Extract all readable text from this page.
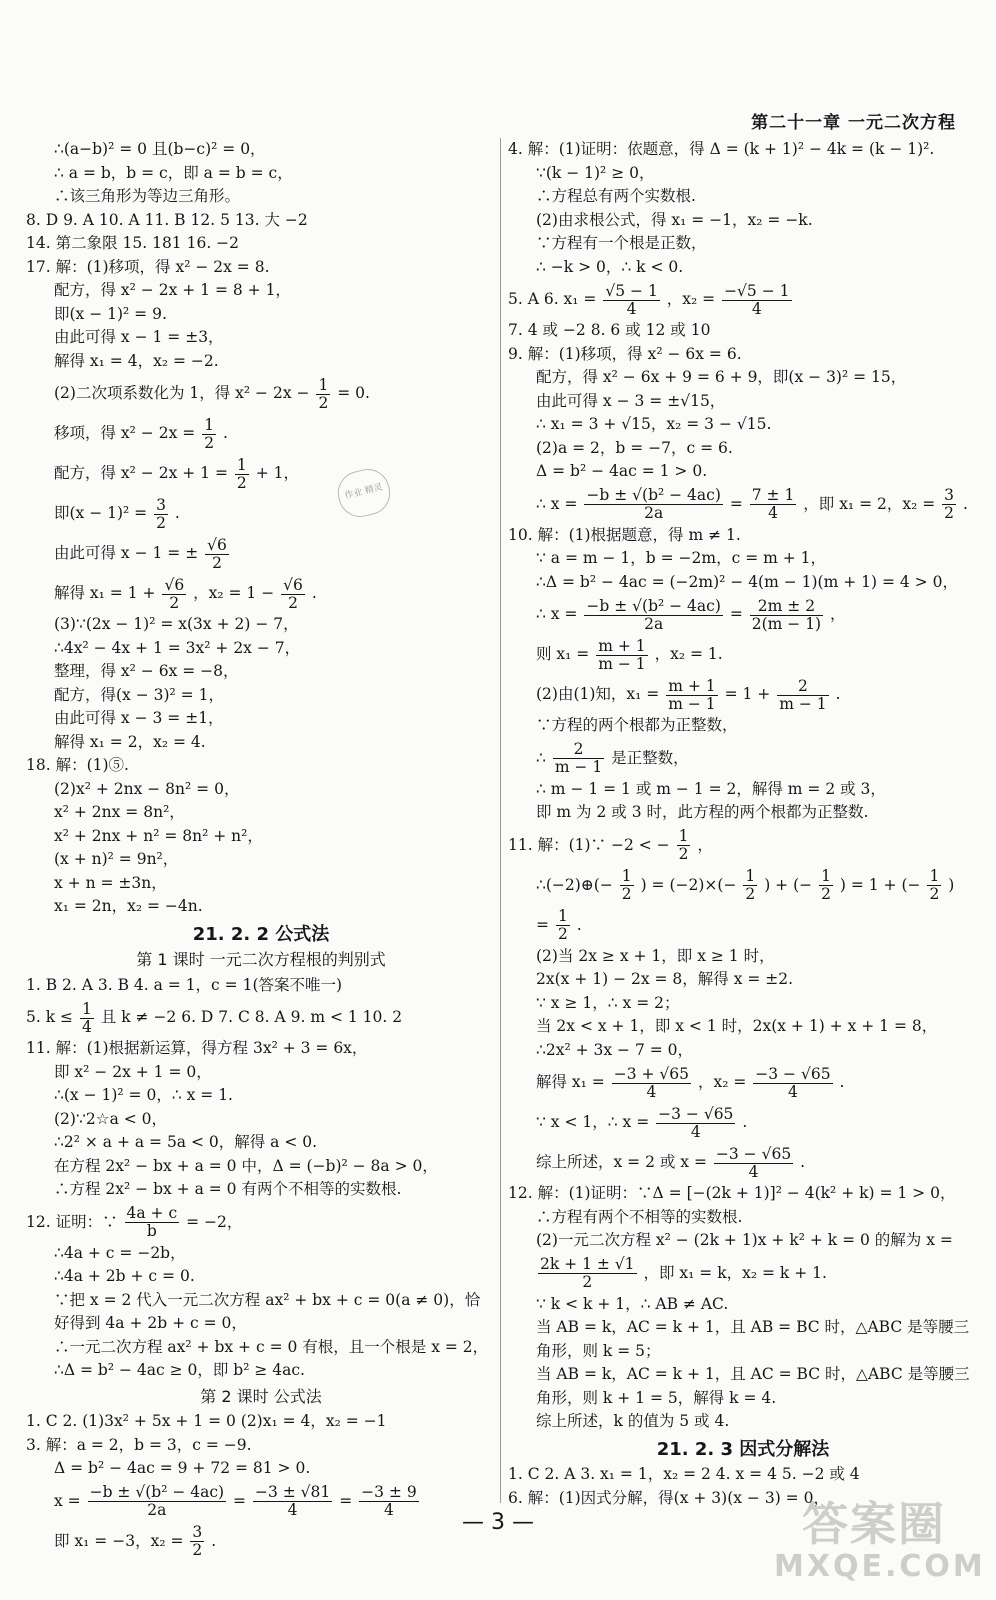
第二十一章 一元二次方程

作业 精灵
∴(a−b)² = 0 且(b−c)² = 0，
∴ a = b，b = c，即 a = b = c，
∴该三角形为等边三角形。
8. D 9. A 10. A 11. B 12. 5 13. 大 −2
14. 第二象限 15. 181 16. −2
17. 解：(1)移项，得 x² − 2x = 8.
配方，得 x² − 2x + 1 = 8 + 1，
即(x − 1)² = 9.
由此可得 x − 1 = ±3，
解得 x₁ = 4，x₂ = −2.
(2)二次项系数化为 1，得 $x^2 - 2x - \frac{1}{2} = 0$.
移项，得 $x^2 - 2x = \frac{1}{2}$ .
配方，得 $x^2 - 2x + 1 = \frac{1}{2} + 1$，
即$(x - 1)^2 = \frac{3}{2}$ .
由此可得 x − 1 = ± $\frac{√6}{2}$
解得 $x_1 = 1 + \frac{√6}{2}$ ，$x_2 = 1 - \frac{√6}{2}$ .
(3)∵(2x − 1)² = x(3x + 2) − 7，
∴4x² − 4x + 1 = 3x² + 2x − 7，
整理，得 x² − 6x = −8，
配方，得(x − 3)² = 1，
由此可得 x − 3 = ±1，
解得 x₁ = 2，x₂ = 4.
18. 解：(1)⑤.
(2)x² + 2nx − 8n² = 0，
x² + 2nx = 8n²，
x² + 2nx + n² = 8n² + n²，
(x + n)² = 9n²，
x + n = ±3n，
x₁ = 2n，x₂ = −4n.
21. 2. 2 公式法
第 1 课时 一元二次方程根的判别式
1. B 2. A 3. B 4. a = 1，c = 1(答案不唯一)
5. $k \le \frac{1}{4}$ 且 k ≠ −2 6. D 7. C 8. A 9. m < 1 10. 2
11. 解：(1)根据新运算，得方程 3x² + 3 = 6x，
即 x² − 2x + 1 = 0，
∴(x − 1)² = 0，∴ x = 1.
(2)∵2☆a < 0，
∴2² × a + a = 5a < 0，解得 a < 0.
在方程 2x² − bx + a = 0 中，Δ = (−b)² − 8a > 0，
∴方程 2x² − bx + a = 0 有两个不相等的实数根.
12. 证明：∵ $\frac{4a + c}{b} = -2$，
∴4a + c = −2b，
∴4a + 2b + c = 0.
∵把 x = 2 代入一元二次方程 ax² + bx + c = 0(a ≠ 0)，恰
好得到 4a + 2b + c = 0，
∴一元二次方程 ax² + bx + c = 0 有根，且一个根是 x = 2，
∴Δ = b² − 4ac ≥ 0，即 b² ≥ 4ac.
第 2 课时 公式法
1. C 2. (1)3x² + 5x + 1 = 0 (2)x₁ = 4，x₂ = −1
3. 解：a = 2，b = 3，c = −9.
Δ = b² − 4ac = 9 + 72 = 81 > 0.
$x = \frac{\text{−b ± √(b² − 4ac)}}{2a} = \frac{-3 \pm √81}{4} = \frac{-3 \pm 9}{4}$
即 x₁ = −3，$x_2 = \frac{3}{2}$ .
4. 解：(1)证明：依题意，得 Δ = (k + 1)² − 4k = (k − 1)².
∵(k − 1)² ≥ 0，
∴方程总有两个实数根.
(2)由求根公式，得 x₁ = −1，x₂ = −k.
∵方程有一个根是正数，
∴ −k > 0，∴ k < 0.
5. A 6. $x_1 = \frac{√5 - 1}{4}$ ，$x_2 = \frac{-√5 - 1}{4}$
7. 4 或 −2 8. 6 或 12 或 10
9. 解：(1)移项，得 x² − 6x = 6.
配方，得 x² − 6x + 9 = 6 + 9，即(x − 3)² = 15，
由此可得 x − 3 = ±√15，
∴ x₁ = 3 + √15，x₂ = 3 − √15.
(2)a = 2，b = −7，c = 6.
Δ = b² − 4ac = 1 > 0.
∴ $x = \frac{\text{−b ± √(b² − 4ac)}}{2a} = \frac{7 \pm 1}{4}$ ，即 x₁ = 2，$x_2 = \frac{3}{2}$ .
10. 解：(1)根据题意，得 m ≠ 1.
∵ a = m − 1，b = −2m，c = m + 1，
∴Δ = b² − 4ac = (−2m)² − 4(m − 1)(m + 1) = 4 > 0，
∴ $x = \frac{\text{−b ± √(b² − 4ac)}}{2a} = \frac{2m \pm 2}{2(m - 1)}$ ，
则 $x_1 = \frac{m + 1}{m - 1}$ ，x₂ = 1.
(2)由(1)知，$x_1 = \frac{m + 1}{m - 1} = 1 + \frac{2}{m - 1}$ .
∵方程的两个根都为正整数，
∴ $\frac{2}{m - 1}$ 是正整数，
∴ m − 1 = 1 或 m − 1 = 2，解得 m = 2 或 3，
即 m 为 2 或 3 时，此方程的两个根都为正整数.
11. 解：(1)∵ −2 < − $\frac{1}{2}$ ，
∴(−2)⊕(− $\frac{1}{2}$ ) = $(-2)\times(- \frac{1}{2}$ ) + (− $\frac{1}{2}$ ) = 1 + (− $\frac{1}{2}$ )
= $\frac{1}{2}$ .
(2)当 2x ≥ x + 1，即 x ≥ 1 时，
2x(x + 1) − 2x = 8，解得 x = ±2.
∵ x ≥ 1，∴ x = 2；
当 2x < x + 1，即 x < 1 时，2x(x + 1) + x + 1 = 8，
∴2x² + 3x − 7 = 0，
解得 $x_1 = \frac{-3 + √65}{4}$ ，$x_2 = \frac{-3 - √65}{4}$ .
∵ x < 1，∴ $x = \frac{-3 - √65}{4}$ .
综上所述，x = 2 或 $x = \frac{-3 - √65}{4}$ .
12. 解：(1)证明：∵Δ = [−(2k + 1)]² − 4(k² + k) = 1 > 0，
∴方程有两个不相等的实数根.
(2)一元二次方程 x² − (2k + 1)x + k² + k = 0 的解为 x =
$\frac{2k + 1 \pm √1}{2}$ ，即 x₁ = k，x₂ = k + 1.
∵ k < k + 1，∴ AB ≠ AC.
当 AB = k，AC = k + 1，且 AB = BC 时，△ABC 是等腰三
角形，则 k = 5；
当 AB = k，AC = k + 1，且 AC = BC 时，△ABC 是等腰三
角形，则 k + 1 = 5，解得 k = 4.
综上所述，k 的值为 5 或 4.
21. 2. 3 因式分解法
1. C 2. A 3. x₁ = 1，x₂ = 2 4. x = 4 5. −2 或 4
6. 解：(1)因式分解，得(x + 3)(x − 3) = 0，
— 3 —	答案圈
MXQE.COM
